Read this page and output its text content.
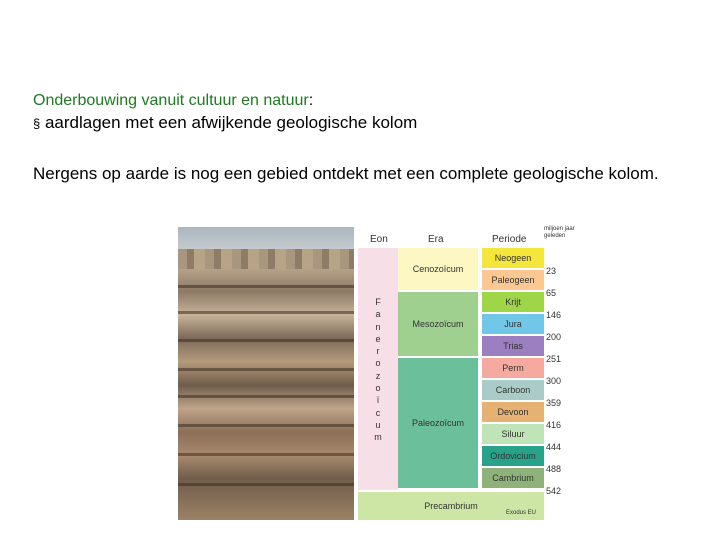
Onderbouwing vanuit cultuur en natuur:
§ aardlagen met een afwijkende geologische kolom
Nergens op aarde is nog een gebied ontdekt met een complete geologische kolom.
Eon	Era	Periode
miljoen jaar geleden
F
a
n
e
r
o
z
o
ï
c
u
m
Cenozoïcum
Mesozoïcum
Paleozoïcum
Neogeen
Paleogeen
Krijt
Jura
Trias
Perm
Carboon
Devoon
Siluur
Ordovicium
Cambrium
23
65
146
200
251
300
359
416
444
488
542
Precambrium
Exodus EU
